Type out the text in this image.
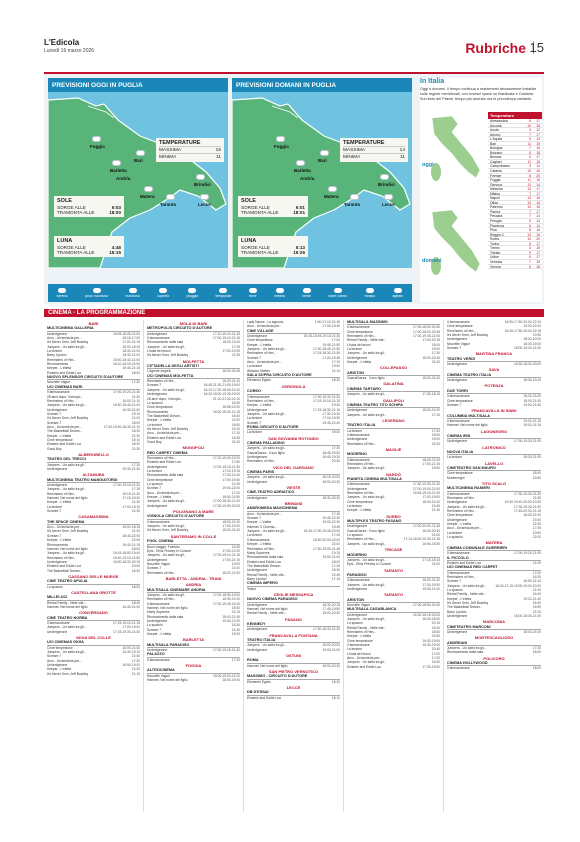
L'Edicola
Lunedì 16 marzo 2026	Rubriche 15
PREVISIONI OGGI IN PUGLIA
TEMPERATURE
MASSIMA	15
MINIMA	11
Foggia
Bari
Barletta
Andria
Matera
Taranto
Brindisi
Lecce
SOLE
SORGE ALLE	6:03
TRAMONTA ALLE	18:00
LUNA
SORGE ALLE	4:48
TRAMONTA ALLE	15:15
PREVISIONI DOMANI IN PUGLIA
TEMPERATURE
MASSIMA	14
MINIMA	11
Foggia
Bari
Barletta
Andria
Matera
Taranto
Brindisi
Lecce
SOLE
SORGE ALLE	6:01
TRAMONTA ALLE	18:01
LUNA
SORGE ALLE	5:13
TRAMONTA ALLE	16:26
sereno	poco nuvoloso	nuvoloso	coperto	pioggia	temporale	neve	nebbia	vento	mare calmo	mosso	agitato
In Italia
Oggi e domani. Il tempo continua a mantenersi decisamente instabile sulle regioni meridionali, con rovesci sparsi su Basilicata e Calabria. Sul resto del Paese, tempo più asciutto ma in prevalenza variabile.
oggi
domani
Temperature
Alessandria	5	17
Ancona	10	16
Aosta	3	12
Arezzo	7	17
L'Aquila	5	13
Bari	11	15
Bologna	7	16
Bolzano	5	18
Brescia	5	17
Cagliari	11	18
Campobasso	9	14
Catania	10	16
Firenze	8	20
Foggia	11	15
Genova	11	14
Messina	13	17
Milano	7	17
Napoli	13	16
Olbia	10	16
Palermo	13	16
Parma	7	17
Pescara	7	14
Perugia	6	14
Piacenza	6	14
Pisa	8	16
Reggio C.	13	16
Roma	10	20
Torino	6	17
Trento	5	15
Trieste	9	17
Udine	6	17
Venezia	7	15
Verona	6	18
CINEMA - LA PROGRAMMAZIONE
BARI
MULTICINEMA GALLERIA
Undertgerone	16:05-18:25-21:00
Arco - Un'amicizia per...	16:15-17:00
It's Never Over, Jeff Buckley	17:00-21:15
Jumpers - Un salto tra gli...	16:00-18:25
La lezione	18:30-21:00
Barry Lyndon	18:30-21:00
Reminders of Him...	16:00-18:40-21:00
Rinnovamento	16:10-18:15-21:00
Keeper - L'eletta	15:40-21:15
Einstein and Eddie Low	18:00
NUOVO SPLENDOR CIRCUITO D'AUTORE
Nouvelle Vague	17:30
UCI CINEMAS BARI
Il farmacomane	17:00-19:20-21:40
28 anni dopo: Il tempio...	21:30
Reminders of Him...	16:00-21:10
Jumpers - Un salto tra gli...	16:30-18:40-21:00
Undertgerone	16:30-21:00
Scream 7	19:10
It's Never Over, Jeff Buckley	21:20
Scream 7	18:00
Arco - Un'amicizia per...	17:00-19:40-18:30-21:10
The Basketball Dream...	16:20
Keeper - L'eletta	21:30
Cime tempestose	18:10
Einstein and Eddie Low	18:30
Good Boy	21:30
ALBEROBELLO
TEATRO DEL TRECCI
Jumpers - Un salto tra gli...	17:30
Undertgerone	19:30-21:30
ALTAMURA
MULTICINEMA TEATRO MANGIATORDI
Undertgerone	17:00-19:15-21:30
Jumpers - Un salto tra gli...	17:15
Reminders of Him...	19:15-21:30
Hamnet. Nel nome del figlio	17:15-19:30
Keeper - L'eletta	21:30
La lezione	17:00-19:15
Scream 7	21:30
CASAMASSIMA
THE SPACE CINEMA
Arco - Un'amicizia per...	16:00-18:15
It's Never Over, Jeff Buckley	21:30
Scream 7	18:45-22:00
Keeper - L'eletta	22:05
Rinnovamento	16:40-21:15
Hamnet. Nel nome del figlio	18:00
Jumpers - Un salto tra gli...	16:15-18:50-19:40
Reminders of Him...	16:40-19:10-21:50
Undertgerone	16:00-18:30-20:15
Einstein and Eddie Low	19:00
The Basketball Dream...	16:30
CASSANO DELLE MURGE
CINE TEATRO APULIA
Lo spaccio	18:00
CASTELLANA GROTTE
MILLELUCI
Rental Family - Nelle vite...	18:40
Hamnet. Nel nome del figlio	16:40-21:00
CONVERSANO
CINE TEATRO NORBA
Il farmacomane	17:15-19:15-21:15
Jumpers - Un salto tra gli...	17:00-19:00
Undertgerone	17:15-19:30-21:30
GIOIA DEL COLLE
UCI CINEMAS GIOIA
Cime tempestose	18:00-21:00
Jumpers - Un salto tra gli...	16:40-19:10
Scream 7	21:40
Arco - Un'amicizia per...	17:30
Undertgerone	16:50-19:00
Keeper - L'eletta	21:30
It's Never Over, Jeff Buckley	21:15
MOLA DI BARI
METROPOLIS CIRCUITO D'AUTORE
Undertgerone	17:10-19:10-21:15
Il farmacomane	17:00-19:10-21:15
Rinnovamento dalla sala	18:00-21:00
Jumpers - Un salto tra gli...	17:25
L'isola dei tesori	17:00-19:25
It's Never Over, Jeff Buckley	21:25
MOLFETTA
CITTADELLA DEGLI ARTISTI
L'agente segreto	18:00-20:45
UCI CINEMAS MOLFETTA
Reminders of Him...	16:20-21:10
Scream 7	16:45-21:30-21:50-19:00
Jumpers - Un salto tra gli...	16:10-17:20-18:50-21:00
Undertgerone	16:30-18:00-19:25-20:00
28 anni dopo: Il tempio...	21:10-21:30-22:10
Lo spaccio	16:30
Cime tempestose	18:55-22:00
Rinnovamento	16:00-18:40-21:15
The Basketball Dream...	16:40
Keeper - L'eletta	21:00
La lezione	16:50
It's Never Over, Jeff Buckley	19:10
Arco - Un'amicizia per...	17:10
Einstein and Eddie Low	18:30
Good Boy	22:10
MONOPOLI
RED CARPET CINEMA
Reminders of Him...	17:20-19:40-22:00
Einstein and Eddie Low	17:50
Undertgerone	17:00-19:15-21:30
La lezione	17:10-19:15
Rinnovamento dalla sala	17:20-21:40
Cime tempestose	17:00-19:40
Lo spaccio	21:40
Scream 7	19:00-22:00
Arco - Un'amicizia per...	17:00
Keeper - L'eletta	18:50-21:50
Jumpers - Un salto tra gli...	17:00-18:30-21:20
Undertgerone	17:30-19:50-22:05
POLIGNANO A MARE
VIGNOLA CIRCUITO D'AUTORE
Il farmacomane	18:00-21:30
Jumpers - Un salto tra gli...	17:00-19:00
It's Never Over, Jeff Buckley	18:30-21:00
SANTERAMO IN COLLE
FOOL CINEMA
Buon viaggio, Fabrizio	19:25
Epic - Elvis Presley in Concert	17:00-21:00
Jumpers - Un salto tra gli...	17:00-19:10-21:15
Undertgerone	17:00-21:15
Nouvelle Vague	19:00
Scream 7	21:00
Reminders of Him...	18:20-21:00
BARLETTA - ANDRIA - TRANI
ANDRIA
MULTISALA CINEMARE ANDRIA
Jumpers - Un salto tra gli...	17:00-18:50-19:00
Reminders of Him...	18:30-21:00
Il farmacomane	17:00-19:45-21:00
Hamnet. Nel nome del figlio	18:30
Marty Supreme	21:15
Rinnovamento dalla sala	18:00-21:30
Undertgerone	19:00-21:00
Lo spaccio	18:30
Scream 7	21:40
Keeper - L'eletta	19:00
BARLETTA
MULTISALA PARADISO
Undertgerone	17:00-19:15-21:30
PALAZZO
Il farmacomane	17:30
FOGGIA
ALTROCINEMA
Nouvelle Vague	18:00-19:00-21:00
Hamnet. Nel nome del figlio	18:00-19:40
Lady Nazca - La signora...	1:00-21:15-21:45
Arco - Un'amicizia per...	17:00-19:40
CINE VILLAGE
Undertgerone	18:15-18:45-19:15-21:30
Cime tempestose	17:00
Keeper - L'eletta	19:45-21:50
Jumpers - Un salto tra gli...	17:00-18:45-21:50
Reminders of Him...	17:15-18:30-21:45
Scream 7	17:20-19:45
Arco - Un'amicizia per...	17:10
La lezione	19:00
Window Shelter	21:10
SALA SOPRA CIRCUITO D'AUTORE
Elemento Egizio	18:30
CERIGNOLA
CORSO
Il farmacomane	17:30-19:30-21:30
Reminders of Him...	17:15-19:15-21:15
Keeper - L'eletta	19:30
Undertgerone	17:15-18:30-21:15
Jumpers - Un salto tra gli...	17:30-19:30
La lezione	17:15-19:30
Scream 7	19:45-21:40
ROMA CIRCUITO D'AUTORE
La lezione	19:00
SAN GIOVANNI ROTONDO
CINEMA PALLADINO
Jumpers - Un salto tra gli...	17:30
GazzaGazza - Il suo figlio	18:45-20:00
Undertgerone	18:45-19:30
Reminders of Him...	20:30
VICO DEL GARGANO
CINEMA PARIS
Jumpers - Un salto tra gli...	18:15-20:00
Undertgerone	18:00-20:30
VIESTE
CINE-TEATRO ADRIATICO
Undertgerone	18:30-20:30
BRINDISI
ANDROMEDA MAXICINEMA
Arco - Un'amicizia per...	17:45
Scream 7	19:45-22:30
Keeper - L'eletta	19:00-22:30
Hamnet. Il Cinema...	19:45
Jumpers - Un salto tra gli...	18:15-17:30-19:45-20:00
La lezione	17:45
Il farmacomane	18:30-20:00-22:00
Keeper - L'eletta	22:00
Reminders of Him...	17:30-19:00-21:45
Marty Supreme	19:15
Rinnovamento dalla sala	19:00-21:00
Einstein and Eddie Low	18:00
The Basketball Dream...	17:45
Undertgerone	18:30
Rental Family - Nelle vite...	22:45
Barry Lyndon	17:15
CINEMA IMPERO
Teatro
CEGLIE MESSAPICA
NUOVO CINEMA PARADISO
Undertgerone	18:30-20:15
Hamnet. Nel nome del figlio	17:45-19:50
Rental Family - Nelle vite...	18:00-20:30
FASANO
KENNEDY
Undertgerone	17:30-18:30-21:30
FRANCAVILLA FONTANA
TEATRO ITALIA
Jumpers - Un salto tra gli...	18:00-20:00
Undertgerone	19:00-21:00
OSTUNI
ROMA
Hamnet. Nel nome del figlio	18:00-20:30
SAN PIETRO VERNOTICO
MASSIMO - CIRCUITO D'AUTORE
Elemento Egizio	18:30
LECCE
DB D'ESSAI
Einstein and Eddie Low	18:10
MULTISALA MASSIMO
Il farmacomane	17:00-18:30-20:40
Cime tempestose	17:00-18:00-20:45
Reminders of Him...	17:00-19:45-21:00
Rental Family - Nelle vite...	17:00-20:15
L'isola dei tesori	18:00
La lezione	19:00
Jumpers - Un salto tra gli...	17:30
Undertgerone	18:00-20:30
Keeper - L'eletta	21:00
COLLEPASSO
ARISTON
GazzaGazza - Il suo figlio	18:00-21:00
GALATINA
CINEMA TARTARO
Jumpers - Un salto tra gli...	17:30-18:15
GALLIPOLI
CINEMA TEATRO TITO SCHIPA
Undertgerone	18:00-21:00
Jumpers - Un salto tra gli...	17:15
LEVERANO
TEATRO ITALIA
La lezione	17:00
Il farmacomane	18:00
Undertgerone	19:00
Reminders of Him...	21:00
MAGLIE
MODERNO
Il farmacomane	18:00-21:00
Reminders of Him...	17:00-21:15
Jumpers - Un salto tra gli...	19:00
NARDÒ
PIANETA CINEMA MULTISALA
Il farmacomane	17:30-19:30-21:30
Undertgerone	17:00-19:00-21:00
Reminders of Him...	18:45-19:15-21:30
Jumpers - Un salto tra gli...	17:00-19:00
Cime tempestose	18:00-21:00
La lezione	19:45
Keeper - L'eletta	21:40
SURBO
MULTIPLEX TEATRO FASANO
Undertgerone	17:00-20:00-21:45
GazzaGazza - Il suo figlio	18:30-20:30
Lo spaccio	21:00
Reminders of Him...	17:10-18:20-20:30-21:15
Jumpers - Un salto tra gli...	16:50-18:30
TRICASE
MODERNO
Jumpers - Un salto tra gli...	17:15-18:15
Epic - Elvis Presley in Concert	21:00
TARANTO
PARADISO
Il farmacomane	18:00-21:30
Jumpers - Un salto tra gli...	17:30-19:30
Undertgerone	19:00-21:00
TARANTO
ARISTON
Nouvelle Vague	17:00-18:50-20:40
MULTISALA CASABLANCA
Undertgerone	16:30-18:15-20:00
Jumpers - Un salto tra gli...	16:30-18:00
Lo spaccio	20:15
Rental Family - Nelle vite...	16:40
Reminders of Him...	18:50
Keeper - L'eletta	20:50
Cime tempestose	16:30-19:00
Il farmacomane	16:30-22:00
La lezione	20:40
L'isola dei tesori	17:00
Arco - Un'amicizia per...	17:00
Jumpers - Un salto tra gli...	16:30
Einstein and Eddie Low	17:30-19:50
Il farmacomane	16:55-17:50-20:00-22:10
Cime tempestose	19:00-22:00
Reminders of Him...	16:45-17:50-19:00-22:15
It's Never Over, Jeff Buckley	19:30
Undertgerone	18:00-20:00
Nouvelle Vague	18:30-16:00
Scream 7	18:00-19:30-21:00
MARTINA FRANCA
TEATRO VERDI
Undertgerone	16:30-18:30-20:00
SAVA
CINEMA TEATRO ITALIA
Undertgerone	18:30-19:10
POTENZA
DUE TORRI
Il farmacomane	18:30-21:00
Cime tempestose	18:00-21:00
Scream 7	19:00-21:30
FRANCAVILLA IN SINNI
COLUMBIA MULTISALA
Il farmacomane	19:00-21:15
Hamnet. Nel nome del figlio	19:00-21:15
LAGONEGRO
CINEMA IRIS
Undertgerone	17:30-19:30-21:30
LATRONICO
NUOVA ITALIA
La lezione	18:30-21:30
LAVELLO
CINETEATRO SAN MAURO
Cime tempestose	18:40
Montenegro	20:50
TITO SCALO
MULTICINEMA RANIERI
Il farmacomane	17:30-19:30-21:30
Reminders of Him...	21:30
Undertgerone	19:30-19:40-20:00-20:30
Jumpers - Un salto tra gli...	17:30-19:30-21:00
Reminders of Him...	17:45-20:00-21:15
Cime tempestose	18:00-21:00
Undertgerone	19:30
Keeper - L'eletta	22:30
Arco - Un'amicizia per...	17:30
La lezione	20:00
Lo spaccio	22:00
MATERA
CINEMA COMUNALE GUERRIERI
Il farmacomane	17:00-19:15-21:30
IL PICCOLO
Einstein and Eddie Low	21:00
UCI CINEMAS RED CARPET
Il farmacomane	17:00
Reminders of Him...	16:30
Scream 7	16:50-21:10
Jumpers - Un salto tra gli...	16:30-17:10-19:00-19:00-20:00
Lo spaccio	21:00
Rental Family - Nelle vite...	16:40
Keeper - L'eletta	19:20-21:40
It's Never Over, Jeff Buckley	18:30
The Basketball Dream...	16:50
Barry Lyndon	21:20
Undertgerone	16:00-18:30-21:00
MARCONIA
CINETEATRO MARCONI
Undertgerone	18:00-21:00
MONTESCAGLIOSO
ANDREANI
Jumpers - Un salto tra gli...	17:30
Rinnovamento dalla sala	18:00
POLICORO
CINEMA HOLLYWOOD
Il farmacomane	18:00
